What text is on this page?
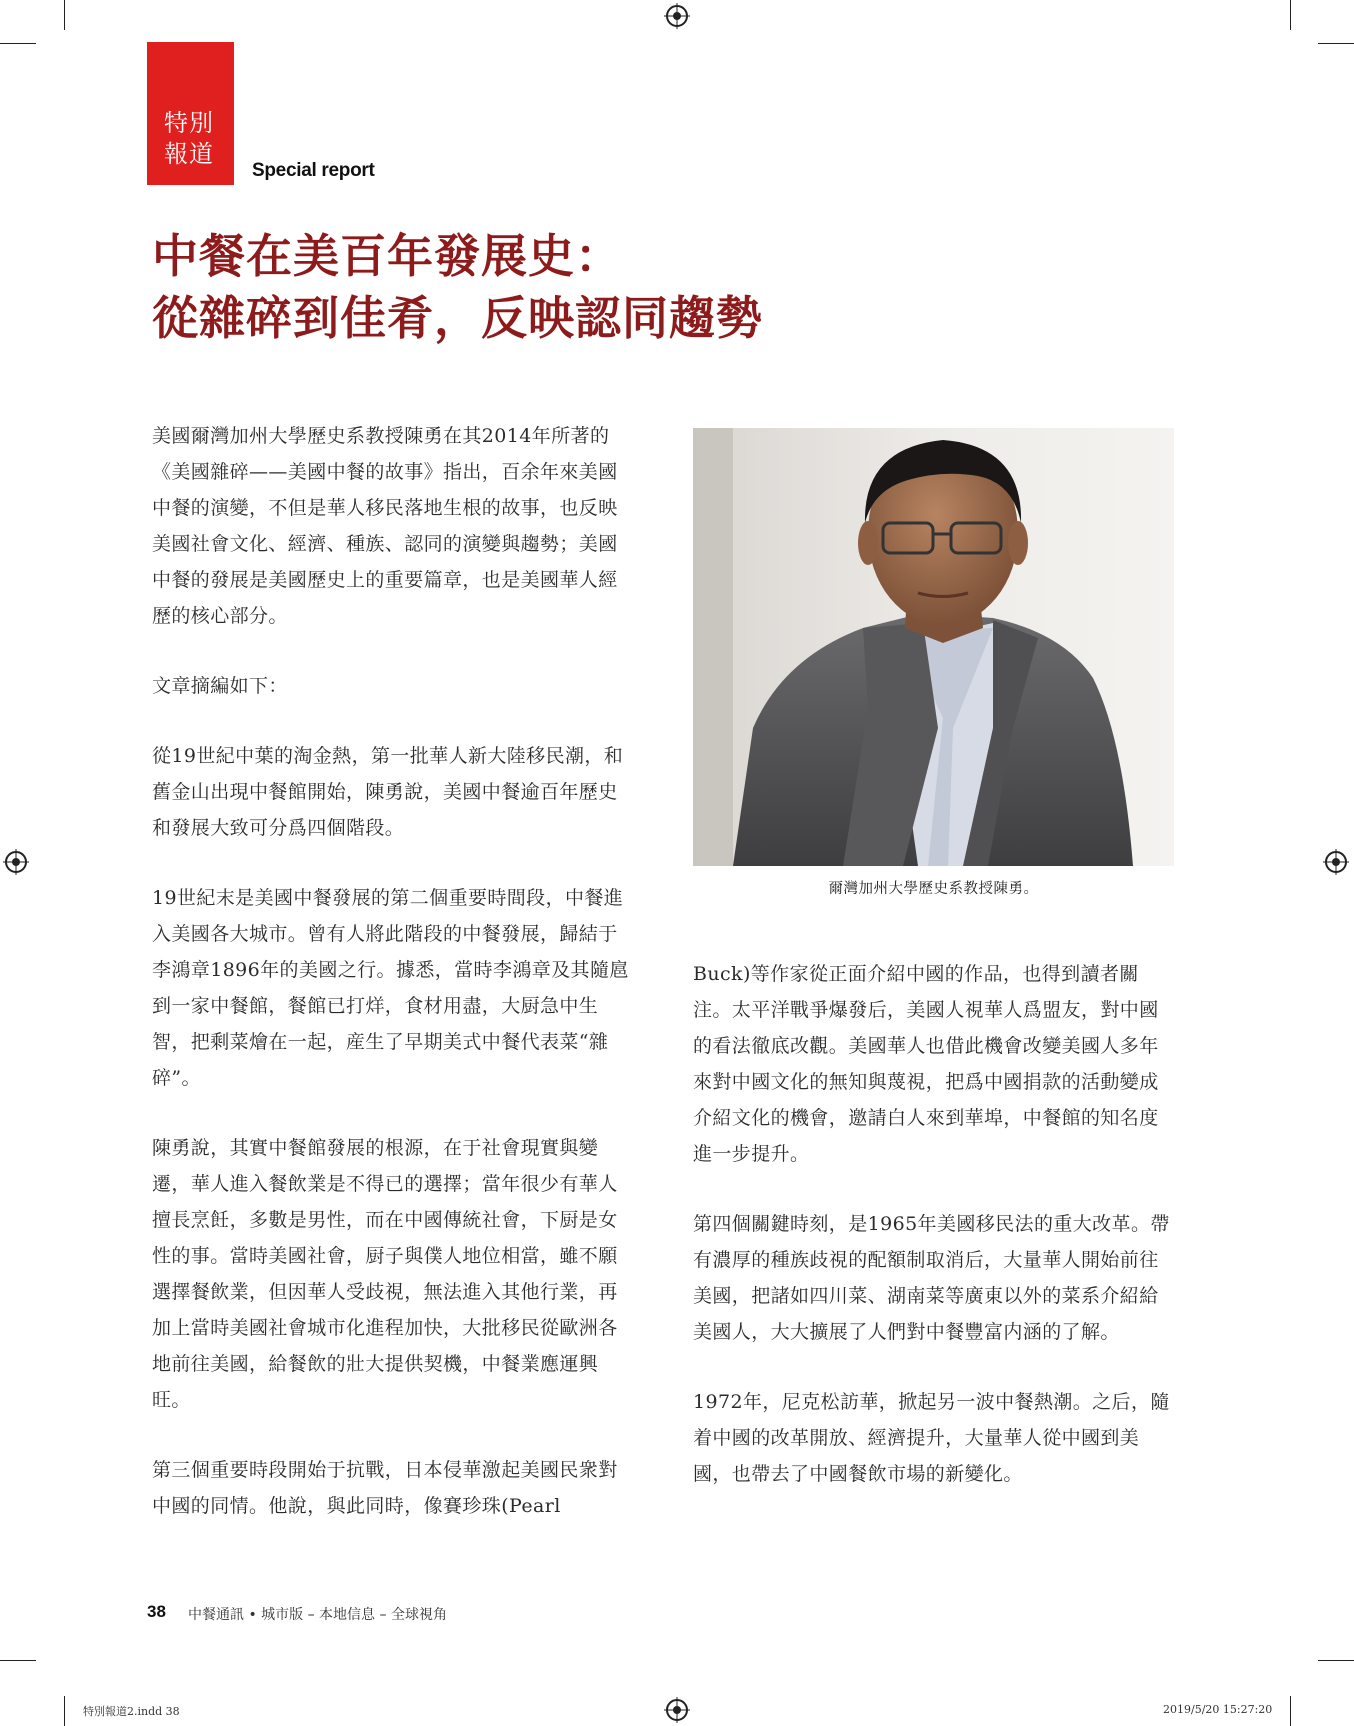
特別
報道
Special report
中餐在美百年發展史：
從雜碎到佳肴，反映認同趨勢

美國爾灣加州大學歷史系教授陳勇在其2014年所著的《美國雜碎——美國中餐的故事》指出，百余年來美國中餐的演變，不但是華人移民落地生根的故事，也反映美國社會文化、經濟、種族、認同的演變與趨勢；美國中餐的發展是美國歷史上的重要篇章，也是美國華人經歷的核心部分。

文章摘編如下：

從19世紀中葉的淘金熱，第一批華人新大陸移民潮，和舊金山出現中餐館開始，陳勇說，美國中餐逾百年歷史和發展大致可分爲四個階段。

19世紀末是美國中餐發展的第二個重要時間段，中餐進入美國各大城市。曾有人將此階段的中餐發展，歸結于李鴻章1896年的美國之行。據悉，當時李鴻章及其隨扈到一家中餐館，餐館已打烊，食材用盡，大厨急中生智，把剩菜燴在一起，産生了早期美式中餐代表菜“雜碎”。

陳勇說，其實中餐館發展的根源，在于社會現實與變遷，華人進入餐飲業是不得已的選擇；當年很少有華人擅長烹飪，多數是男性，而在中國傳統社會，下厨是女性的事。當時美國社會，厨子與僕人地位相當，雖不願選擇餐飲業，但因華人受歧視，無法進入其他行業，再加上當時美國社會城市化進程加快，大批移民從歐洲各地前往美國，給餐飲的壯大提供契機，中餐業應運興旺。

第三個重要時段開始于抗戰，日本侵華激起美國民衆對中國的同情。他說，與此同時，像賽珍珠(Pearl

爾灣加州大學歷史系教授陳勇。

Buck)等作家從正面介紹中國的作品，也得到讀者關注。太平洋戰爭爆發后，美國人視華人爲盟友，對中國的看法徹底改觀。美國華人也借此機會改變美國人多年來對中國文化的無知與蔑視，把爲中國捐款的活動變成介紹文化的機會，邀請白人來到華埠，中餐館的知名度進一步提升。

第四個關鍵時刻，是1965年美國移民法的重大改革。帶有濃厚的種族歧視的配額制取消后，大量華人開始前往美國，把諸如四川菜、湖南菜等廣東以外的菜系介紹給美國人，大大擴展了人們對中餐豐富内涵的了解。

1972年，尼克松訪華，掀起另一波中餐熱潮。之后，隨着中國的改革開放、經濟提升，大量華人從中國到美國，也帶去了中國餐飲市場的新變化。

38 中餐通訊 • 城市版 – 本地信息 – 全球視角
特別報道2.indd 38	2019/5/20 15:27:20
